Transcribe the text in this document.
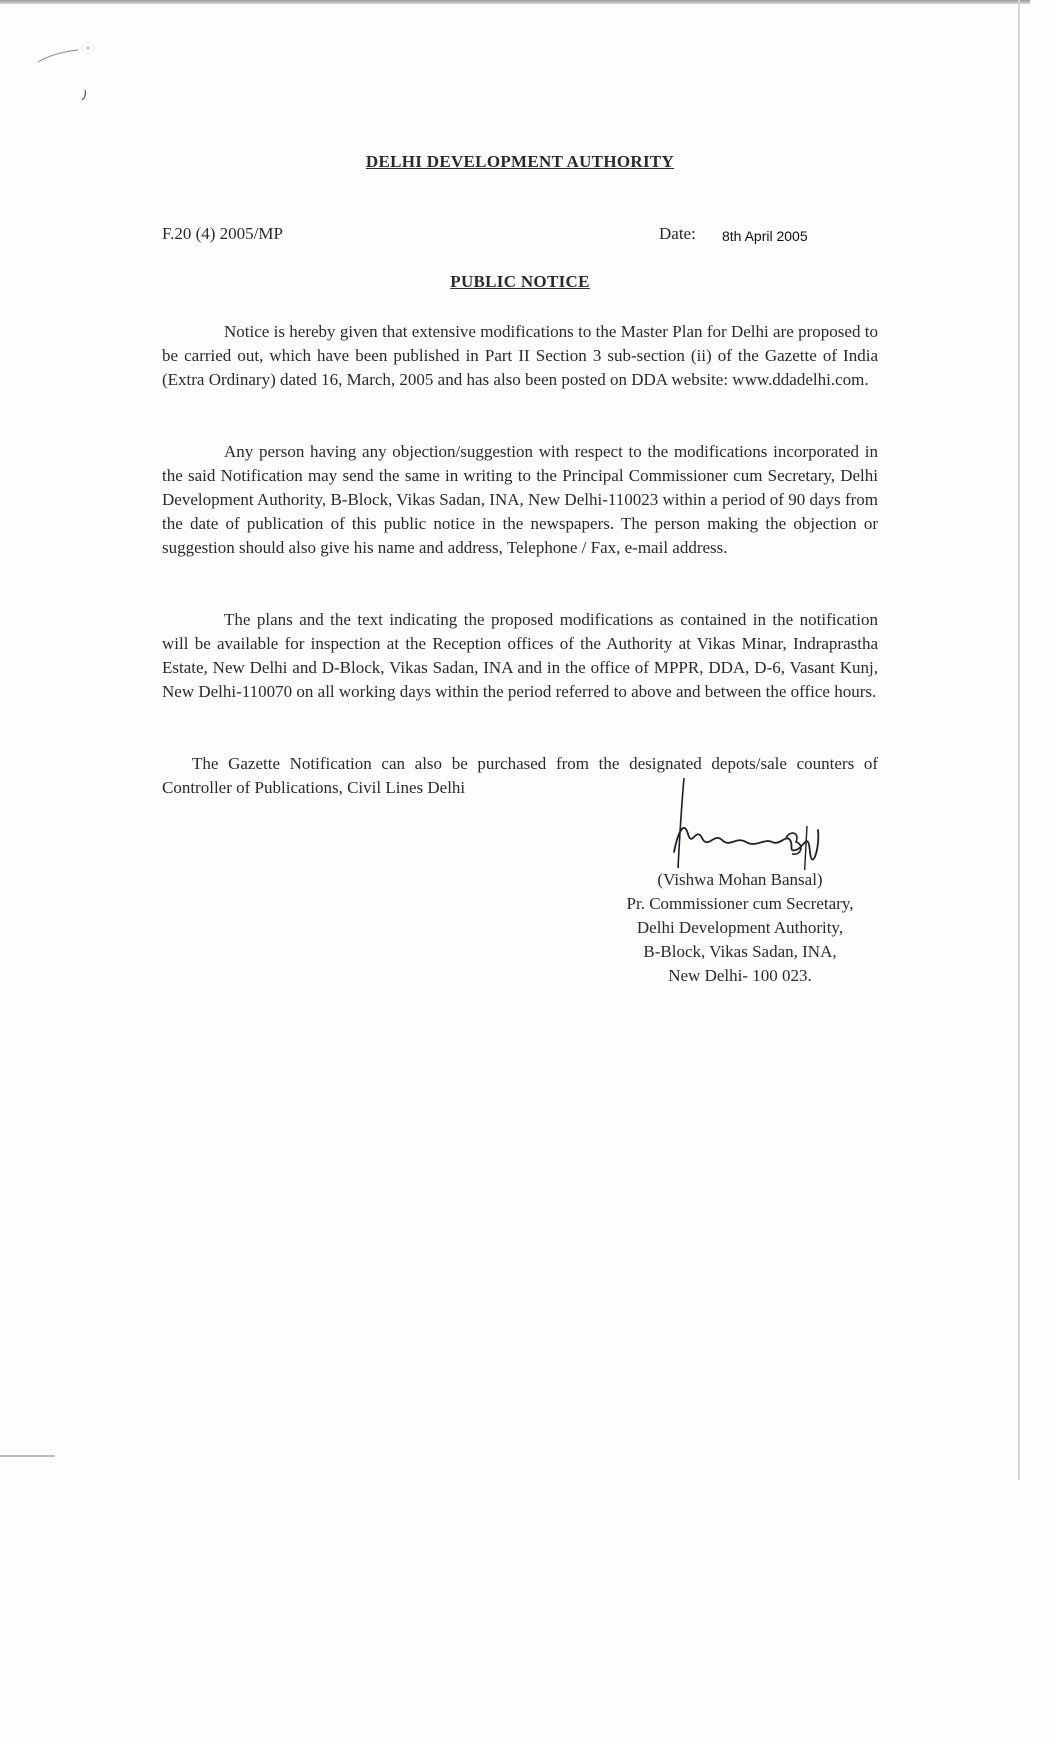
DELHI DEVELOPMENT AUTHORITY
F.20 (4) 2005/MP	Date: 8th April 2005
PUBLIC NOTICE

Notice is hereby given that extensive modifications to the Master Plan for Delhi are proposed to be carried out, which have been published in Part II Section 3 sub-section (ii) of the Gazette of India (Extra Ordinary) dated 16, March, 2005 and has also been posted on DDA website: www.ddadelhi.com.

Any person having any objection/suggestion with respect to the modifications incorporated in the said Notification may send the same in writing to the Principal Commissioner cum Secretary, Delhi Development Authority, B-Block, Vikas Sadan, INA, New Delhi-110023 within a period of 90 days from the date of publication of this public notice in the newspapers. The person making the objection or suggestion should also give his name and address, Telephone / Fax, e-mail address.

The plans and the text indicating the proposed modifications as contained in the notification will be available for inspection at the Reception offices of the Authority at Vikas Minar, Indraprastha Estate, New Delhi and D-Block, Vikas Sadan, INA and in the office of MPPR, DDA, D-6, Vasant Kunj, New Delhi-110070 on all working days within the period referred to above and between the office hours.

The Gazette Notification can also be purchased from the designated depots/sale counters of Controller of Publications, Civil Lines Delhi

(Vishwa Mohan Bansal)
Pr. Commissioner cum Secretary,
Delhi Development Authority,
B-Block, Vikas Sadan, INA,
New Delhi- 100 023.
